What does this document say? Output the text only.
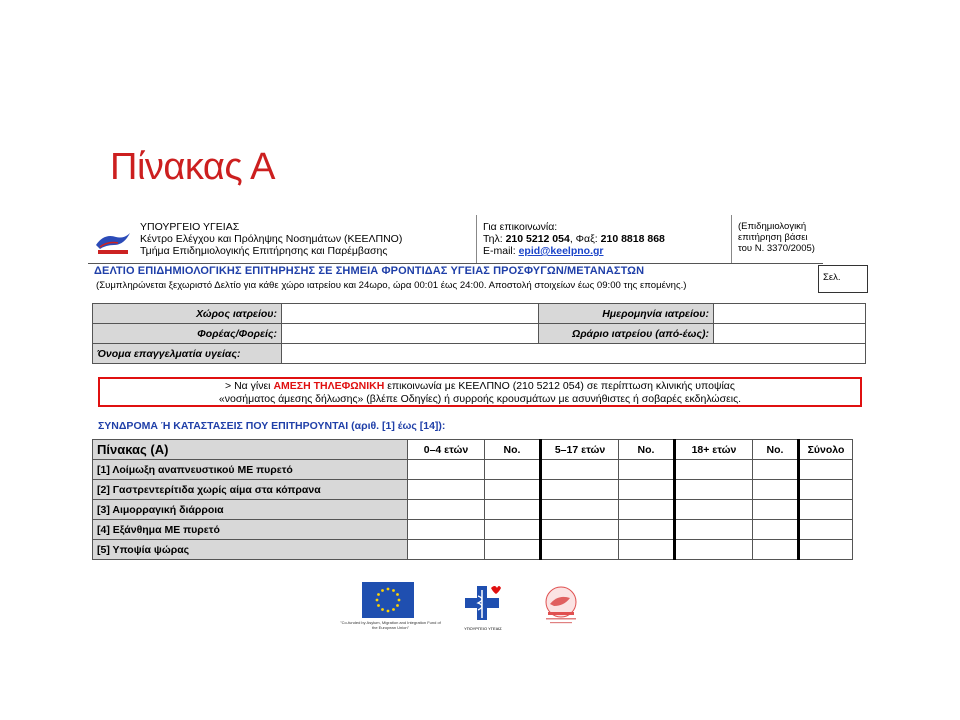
Πίνακας Α
ΥΠΟΥΡΓΕΙΟ ΥΓΕΙΑΣ
Κέντρο Ελέγχου και Πρόληψης Νοσημάτων (ΚΕΕΛΠΝΟ)
Τμήμα Επιδημιολογικής Επιτήρησης και Παρέμβασης
Για επικοινωνία:
Τηλ: 210 5212 054, Φαξ: 210 8818 868
E-mail: epid@keelpno.gr
(Επιδημιολογική
επιτήρηση βάσει
του Ν. 3370/2005)
ΔΕΛΤΙΟ ΕΠΙΔΗΜΙΟΛΟΓΙΚΗΣ ΕΠΙΤΗΡΗΣΗΣ ΣΕ ΣΗΜΕΙΑ ΦΡΟΝΤΙΔΑΣ ΥΓΕΙΑΣ ΠΡΟΣΦΥΓΩΝ/ΜΕΤΑΝΑΣΤΩΝ
(Συμπληρώνεται ξεχωριστό Δελτίο για κάθε χώρο ιατρείου και 24ωρο, ώρα 00:01 έως 24:00. Αποστολή στοιχείων έως 09:00 της επομένης.)
Σελ.
Χώρος ιατρείου:		Ημερομηνία ιατρείου:	
Φορέας/Φορείς:		Ωράριο ιατρείου (από-έως):	
Όνομα επαγγελματία υγείας:			
> Να γίνει ΑΜΕΣΗ ΤΗΛΕΦΩΝΙΚΗ επικοινωνία με ΚΕΕΛΠΝΟ (210 5212 054) σε περίπτωση κλινικής υποψίας
«νοσήματος άμεσης δήλωσης» (βλέπε Οδηγίες) ή συρροής κρουσμάτων με ασυνήθιστες ή σοβαρές εκδηλώσεις.
ΣΥΝΔΡΟΜΑ Ή ΚΑΤΑΣΤΑΣΕΙΣ ΠΟΥ ΕΠΙΤΗΡΟΥΝΤΑΙ (αριθ. [1] έως [14]):
Πίνακας (Α)	0–4 ετών	Νο.	5–17 ετών	Νο.	18+ ετών	Νο.	Σύνολο
[1] Λοίμωξη αναπνευστικού ΜΕ πυρετό							
[2] Γαστρεντερίτιδα χωρίς αίμα στα κόπρανα							
[3] Αιμορραγική διάρροια							
[4] Εξάνθημα ΜΕ πυρετό							
[5] Υποψία ψώρας							
"Co-funded by Asylum, Migration and Integration Fund of the European Union"	ΥΠΟΥΡΓΕΙΟ ΥΓΕΙΑΣ
